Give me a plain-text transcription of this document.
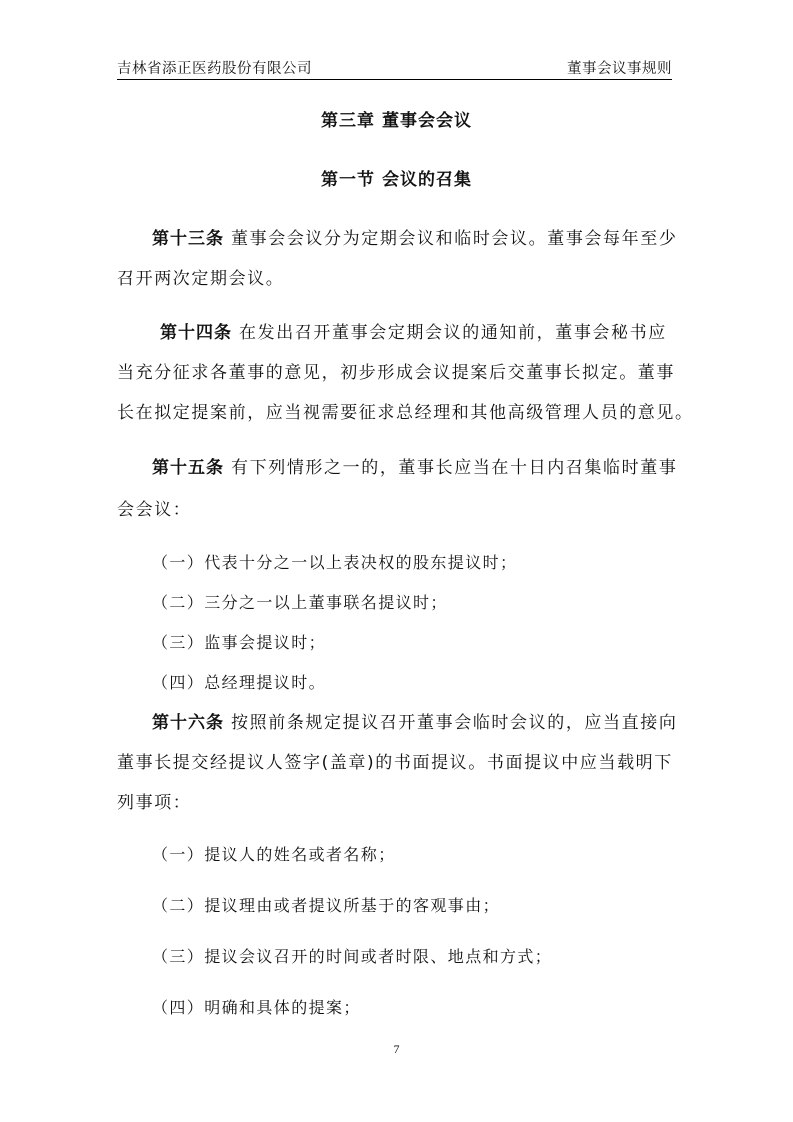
吉林省添正医药股份有限公司	董事会议事规则
第三章 董事会会议
第一节 会议的召集
第十三条 董事会会议分为定期会议和临时会议。董事会每年至少
召开两次定期会议。
第十四条 在发出召开董事会定期会议的通知前，董事会秘书应
当充分征求各董事的意见，初步形成会议提案后交董事长拟定。董事
长在拟定提案前，应当视需要征求总经理和其他高级管理人员的意见。
第十五条 有下列情形之一的，董事长应当在十日内召集临时董事
会会议：
（一）代表十分之一以上表决权的股东提议时；
（二）三分之一以上董事联名提议时；
（三）监事会提议时；
（四）总经理提议时。
第十六条 按照前条规定提议召开董事会临时会议的，应当直接向
董事长提交经提议人签字(盖章)的书面提议。书面提议中应当载明下
列事项：
（一）提议人的姓名或者名称；
（二）提议理由或者提议所基于的客观事由；
（三）提议会议召开的时间或者时限、地点和方式；
（四）明确和具体的提案；
7
